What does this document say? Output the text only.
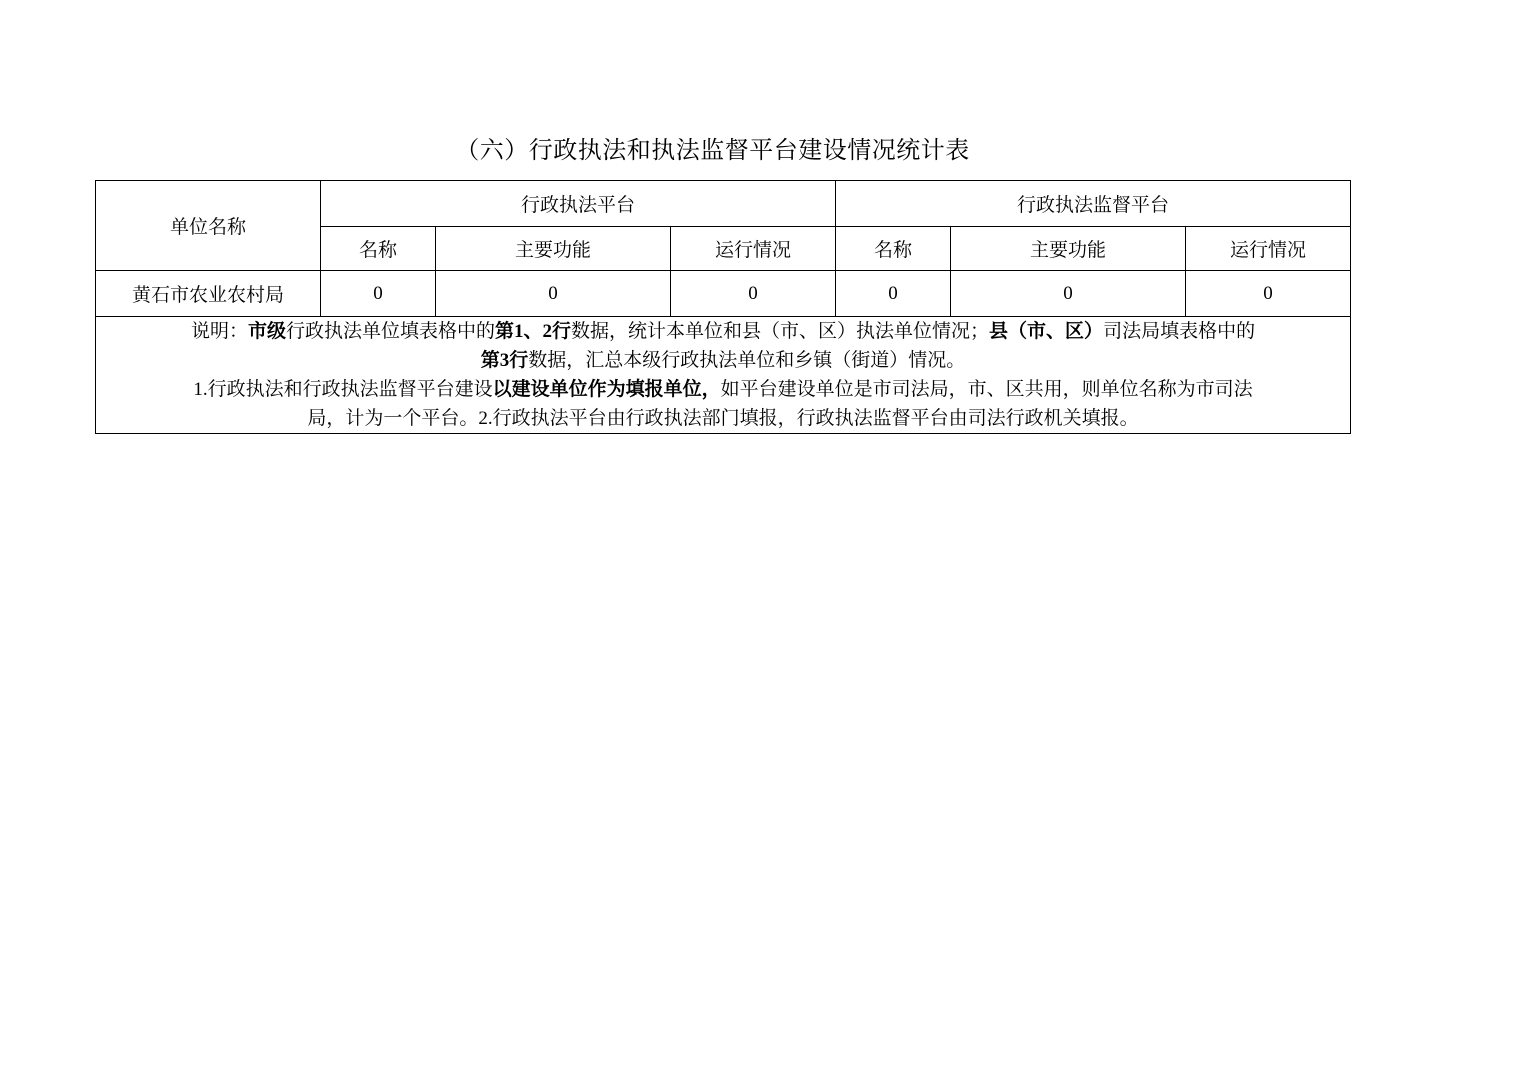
（六）行政执法和执法监督平台建设情况统计表
单位名称	行政执法平台			行政执法监督平台		
	名称	主要功能	运行情况	名称	主要功能	运行情况
黄石市农业农村局	0	0	0	0	0	0

说明：市级行政执法单位填表格中的第1、2行数据，统计本单位和县（市、区）执法单位情况；县（市、区）司法局填表格中的

第3行数据，汇总本级行政执法单位和乡镇（街道）情况。

1.行政执法和行政执法监督平台建设以建设单位作为填报单位，如平台建设单位是市司法局，市、区共用，则单位名称为市司法

局，计为一个平台。2.行政执法平台由行政执法部门填报，行政执法监督平台由司法行政机关填报。						
